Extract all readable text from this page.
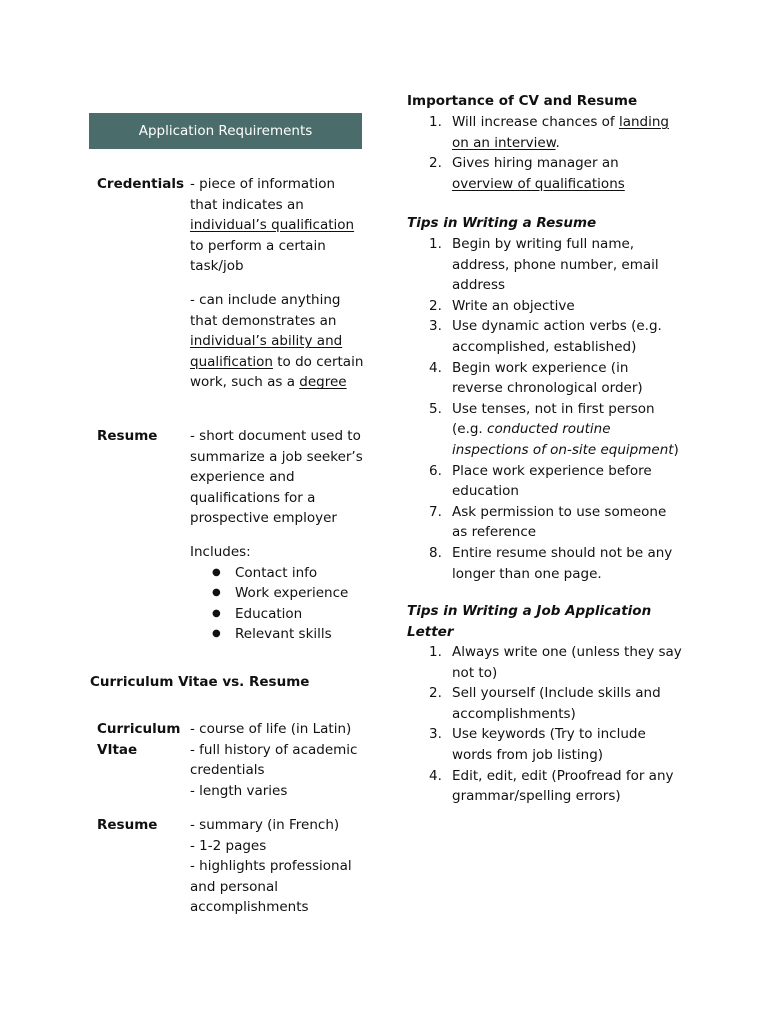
Application Requirements
Credentials - piece of information that indicates an individual’s qualification to perform a certain task/job
- can include anything that demonstrates an individual’s ability and qualification to do certain work, such as a degree
Resume - short document used to summarize a job seeker’s experience and qualifications for a prospective employer
Includes:
● Contact info
● Work experience
● Education
● Relevant skills
Curriculum Vitae vs. Resume
Curriculum
VItae
- course of life (in Latin)
- full history of academic credentials
- length varies
Resume - summary (in French)
- 1-2 pages
- highlights professional and personal accomplishments
Importance of CV and Resume
1. Will increase chances of landing on an interview.
2. Gives hiring manager an overview of qualifications
Tips in Writing a Resume
1. Begin by writing full name, address, phone number, email address
2. Write an objective
3. Use dynamic action verbs (e.g. accomplished, established)
4. Begin work experience (in reverse chronological order)
5. Use tenses, not in first person (e.g. conducted routine inspections of on-site equipment)
6. Place work experience before education
7. Ask permission to use someone as reference
8. Entire resume should not be any longer than one page.
Tips in Writing a Job Application Letter
1. Always write one (unless they say not to)
2. Sell yourself (Include skills and accomplishments)
3. Use keywords (Try to include words from job listing)
4. Edit, edit, edit (Proofread for any grammar/spelling errors)
